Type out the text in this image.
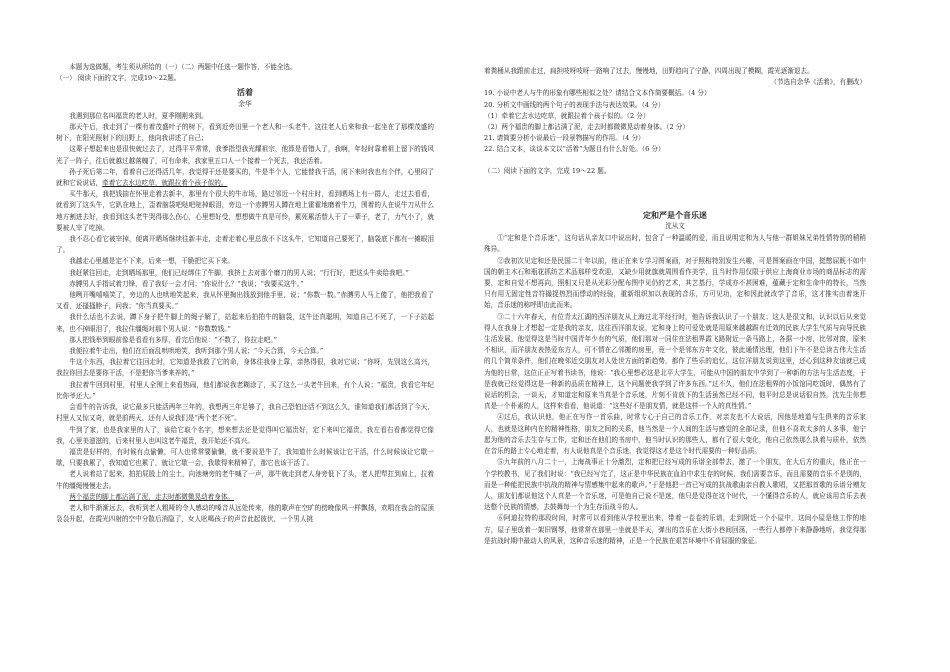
本题为选做题，考生须从所给的（一）（二）两题中任选一题作答，不能全选。

（一） 阅读下面的文字，完成19～22题。

活着

余华

我遇到那位名叫福贵的老人时，夏季刚刚来到。

那天午后，我走到了一棵有着茂盛叶子的树下，看到近旁田里一个老人和一头老牛，这往老人后来和我一起坐在了那棵茂盛的树下，在阳光照射下的田野上，他向我讲述了自己；

这辈子想起来也是很快就过去了，过得平平常常，我爹指望我光耀祖宗，他算是看错人了，我啊，年轻时靠着祖上留下的钱风光了一阵子，往后就越过越落魄了，可有命来，我家里五口人一个接着一个死去，我还活着。

孙子死后第二年，看着自己还得活几年，我觉得干还是要买的，牛是半个人，它能替我干活，闲下来时我也有个伴，心里闷了就和它说说话，牵着它去水边吃草，就跟拉着个孩子似的。

买牛那天，我把钱揣在怀里走着去新丰，那里有个很大的牛市场，路过邻近一个村庄时，看到晒场上有一群人，走过去看看，就看到了这头牛，它趴在地上，歪着脑袋吧哒吧哒掉眼泪，旁边一个赤膊男人蹲在地上霍霍地磨着牛刀，围着的人在说牛刀从什么地方割进去好，我看到这头老牛哭得那么伤心，心里想好受，想想做牛真是可怜，累死累活替人干了一辈子，老了，力气小了，就要被人宰了吃掉。

我不忍心看它被宰掉，便离开晒场继续往新丰走，走着走着心里总放不下这头牛，它知道自己要死了，脑袋底下都有一摊眼泪了。

我越走心里越是定不下来，后来一想，干脆把它买下来。

我赶紧往回走，走到晒场那里，他们已经绑住了牛脚，我挤上去对那个磨刀的男人说；“行行好，把这头牛卖给我吧。”

赤膊男人手指试着刀锋，看了我好一会才问；“你说什么？”我说；“我要买这牛。”

他咧开嘴嘻嘻笑了，旁边的人也哄地笑起来，我从怀里掏出钱放到他手里，说；“你数一数。”赤膊男人马上傻了，他把我看了又看，还搔搔脖子，问我；“你当真要买。”

我什么话也不去说，蹲下身子把牛脚上的绳子解了，站起来后拍拍牛的脑袋，这牛还真聪明，知道自己不死了，一下子站起来，也不掉眼泪了，我拉住缰绳对那个男人说：“你数数钱。”

那人把钱举到眼前像是看看有多厚，看完后他说：“不数了，你拉走吧。”

我便拉着牛走出，他们在后面乱哄哄地笑，我听到那个男人说；“今天合算，今天合算。”

牛这个东西，我拉着它往回走时，它知道是我救了它的命，身体往我身上靠，亲热得很，我对它说；“你呀，先别这么高兴，我拉你回去是要你干活，不是把你当爹来养的。”

我拉着牛回到村里，村里人全围上来看热闹，他们都说我老糊涂了，买了这么一头老牛回来，有个人说；“福贵，我看它年纪比你爷还大。”

会看牛的告诉我，说它最多只能活两年三年的，我想两三年足够了，我自己恐怕还活不到这么久，谁知道我们都活到了今天，村里人又惊又奇，就是前两天，还有人说我们是“两个老不死”。

牛到了家，也是我家里的人了，该给它取个名字，想来想去还是觉得叫它福贵好，定下来叫它福贵，我左看右看都觉得它像我，心里美滋滋的，后来村里人也叫这老牛福贵，我开始还不高兴。

福贵是好样的，有时候有点偷懒，可人也常常要偷懒，就不要说是牛了，我知道什么时候该让它干活，什么时候该让它歇一歇，只要我累了，我知道它也累了，就让它歇一会，我歇得来精神了，那它也该干活了。

老人说着站了起来，拍拍屁股上的尘土，向池塘旁的老牛喊了一声，那牛就走到老人身旁低下了头，老人把犁扛到肩上，拉着牛的缰绳慢慢走去。

两个福贵的脚上都沾满了泥，走去时都微微晃动着身体。

老人和牛渐渐远去，我听到老人粗哑的令人感动的嗓音从远处传来，他的歌声在空旷的傍晚像风一样飘扬，欢唱在我会的屋顶袅袅升起，在霞光四射的空中分散后消隐了，女人吆喝孩子的声音此起彼伏，一个男人挑

着粪桶从我跟前走过，扁担吱呀吱呀一路响了过去，慢慢地，田野趋向了宁静，四周出现了模糊，霞光逐渐退去。

（节选自余华《活着》，有删改）

19. 小说中老人与牛的形象有哪些相似之处？请结合文本作简要概括。（4 分）

20. 分析文中画线的两个句子的表现手法与表达效果。（4 分）

（1）牵着它去水边吃草，就跟拉着个孩子似的。（2 分）

（2）两个福贵的脚上都沾满了泥，走去时都微微晃动着身体。（2 分）

21. 请简要分析小说最后一段景物描写的作用。（4 分）

22. 结合文本，谈谈本文以“活着”为题目有什么好处。（6 分）

（二）阅读下面的文字，完成 19～22 题。

定和严是个音乐迷

沈从文

①“定和是个音乐迷”，这句话从亲友口中说出时，包含了一种温暖的爱，而且说明定和为人与他一群姐妹兄弟性情特别的稍稍殊异。

②我初次见定和还是民国二十年以前，他正在来专学习图案画，对于照相特别发生兴趣，可是图案画在中国，挺憋屈既不如中国的朝主木石和瓶花抓纺艺术品那样受欢迎，又缺少用就旗就周围看作美学，且当时作用仅限于供应上海商业市场的商品标志的需要，定和自觉不想再向，照相又只是从光彩分配布图中见仍的艺术，其艺基行，学成亦不甚困难，蕴藏于定和生命中的特长，当然只有用无固定性音符撮捉热烈而悸动的经验，重新组织加以表现的音乐，方可见功，定和因此就改学了音乐，这才推实由着迷开始，音乐迷的称呼即由此而来。

③二十六年春天，有位青太江湖的西洋朋友从上海过北平经行时，他告诉我认识了一个朋友；这人是很文和，认识以后从来觉得人在我身上才想起一定是我的亲友，这往西洋朋友说，定和身上的可爱处就是用原来越越跋有迁效的民族大学生气质与向导民族生活发展，他觉得这是当时中国青年少有的气质，他们那对一同住在法租界霞飞路附近一条马路上，各据一小房，比邻对窗，原来不相识，而洋朋友表热爱东方人，可不情在乙邻搬的房里，竟一个是邻东方年文化，彼此通情达理，他们下午不是总读古伟大生活的几个简单条件，他们在晚邻近交朋友对人处世方面的新趋势，都作了些乐的追忆，这位洋朋友说到这里，还心到这种友谊就已成为他的日常，这位正正写着书读书，他说：“我心里想必这是北平大学生，可能从中国的朋友中学到了一种新的方法与生活态度，于是我就已经觉得这是一种新的品质在精神上，这个问题使我学到了许多东西。”过不久，他们在法租界的小饭馆同吃饭时，偶然有了说话的机会，一谈天，才知道定和原来当真是个音乐迷，片刻不肯放下的生活虽然已经不同，他平时总是说话很自然，沈先生你想真是一个朴素的人，这样来看看，他说道：“这些好不是朋友情，就是这样一个人的真性情。”

④过后，我认识他，他正在写作一首乐曲，时常专心于自己的音乐工作，对亲友也不大说话，因他是地道与生俱来的音乐家人，也就是这种内在的精神性格，朋友之间的关系，他当然是一个人间的生活与感觉的全部记录，但他不喜欢太多的人多事，他宁愿为他的音乐去生存与工作，定和还在他们的书房中，他当时认识的那些人，都有了很大变化，他自己依然那么执着与质朴，依然在音乐的路上专心地走着，有人说他真是个音乐迷，我觉得这才是这个时代需要的一种好品质。

⑤九年前的八月二十一，上海战事正十分激烈，定和把已经写成的乐谱全部带去，邀了一个朋友，在大后方的重庆，他正在一个学校教书，见了我们时说：“我已经写完了，这正是中华民族在血泊中求生存的时候，我们需要音乐，而且需要的音乐不是别的，而是一种能把民族中抗战的精神与情感集中起来的歌声。”于是他把一首已写成的抗战歌曲亲自教人歌唱，又把那首歌的乐谱分赠友人，朋友们都说他这个人真是一个音乐迷，可是他自己说不是迷，他只是觉得在这个时代，一个懂得音乐的人，就应该用音乐去表达整个民族的情感，去鼓舞每一个为生存而战斗的人。

⑥阿迪拉特的那段时间，时常可以看到他从学校里出来，带着一卷卷的乐谱，走到附近一个小屋中，这间小屋是他工作的地方，屋子里放着一架旧钢琴，他常常在那里一坐就是半天，弹出的音乐在大街小巷间回荡，一些行人都停下来静静地听，我觉得那是抗战时期中最动人的风景，这种音乐迷的精神，正是一个民族在艰苦环境中不肯屈服的象征。
